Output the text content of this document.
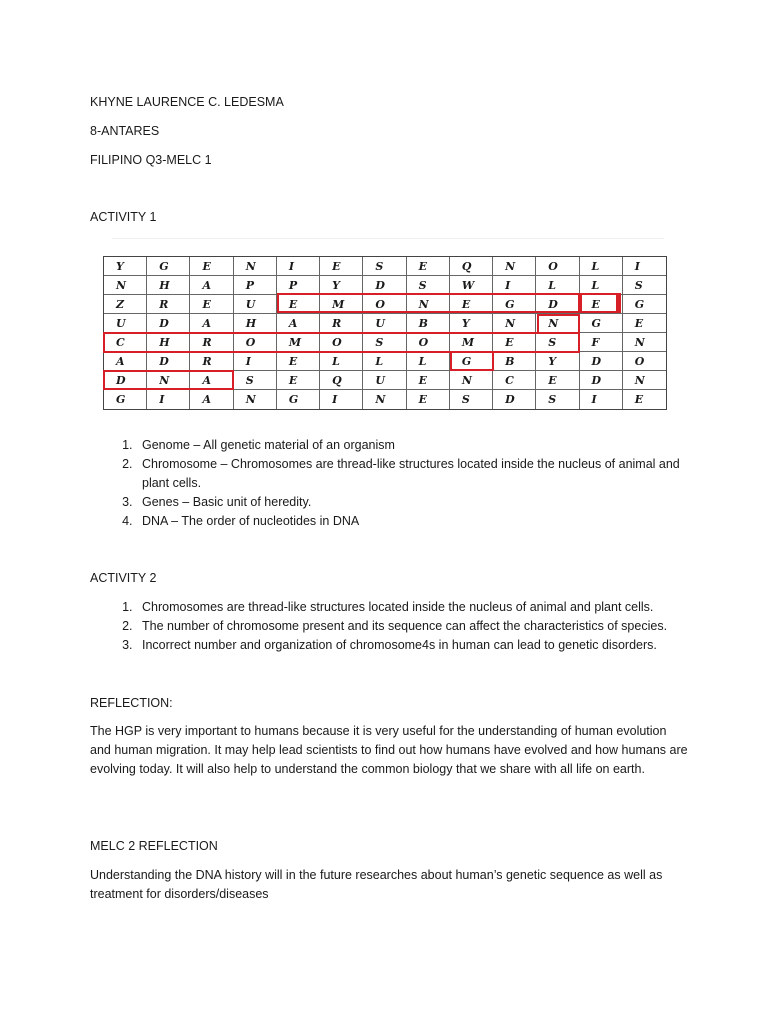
KHYNE LAURENCE C. LEDESMA
8-ANTARES
FILIPINO Q3-MELC 1
ACTIVITY 1
Y	G	E	N	I	E	S	E	Q	N	O	L	I
N	H	A	P	P	Y	D	S	W	I	L	L	S
Z	R	E	U	E	M	O	N	E	G	D	E	G
U	D	A	H	A	R	U	B	Y	N	N	G	E
C	H	R	O	M	O	S	O	M	E	S	F	N
A	D	R	I	E	L	L	L	G	B	Y	D	O
D	N	A	S	E	Q	U	E	N	C	E	D	N
G	I	A	N	G	I	N	E	S	D	S	I	E
1. Genome – All genetic material of an organism
2. Chromosome – Chromosomes are thread-like structures located inside the nucleus of animal and plant cells.
3. Genes – Basic unit of heredity.
4. DNA – The order of nucleotides in DNA
ACTIVITY 2
1. Chromosomes are thread-like structures located inside the nucleus of animal and plant cells.
2. The number of chromosome present and its sequence can affect the characteristics of species.
3. Incorrect number and organization of chromosome4s in human can lead to genetic disorders.
REFLECTION:
The HGP is very important to humans because it is very useful for the understanding of human evolution and human migration. It may help lead scientists to find out how humans have evolved and how humans are evolving today. It will also help to understand the common biology that we share with all life on earth.
MELC 2 REFLECTION
Understanding the DNA history will in the future researches about human’s genetic sequence as well as treatment for disorders/diseases
